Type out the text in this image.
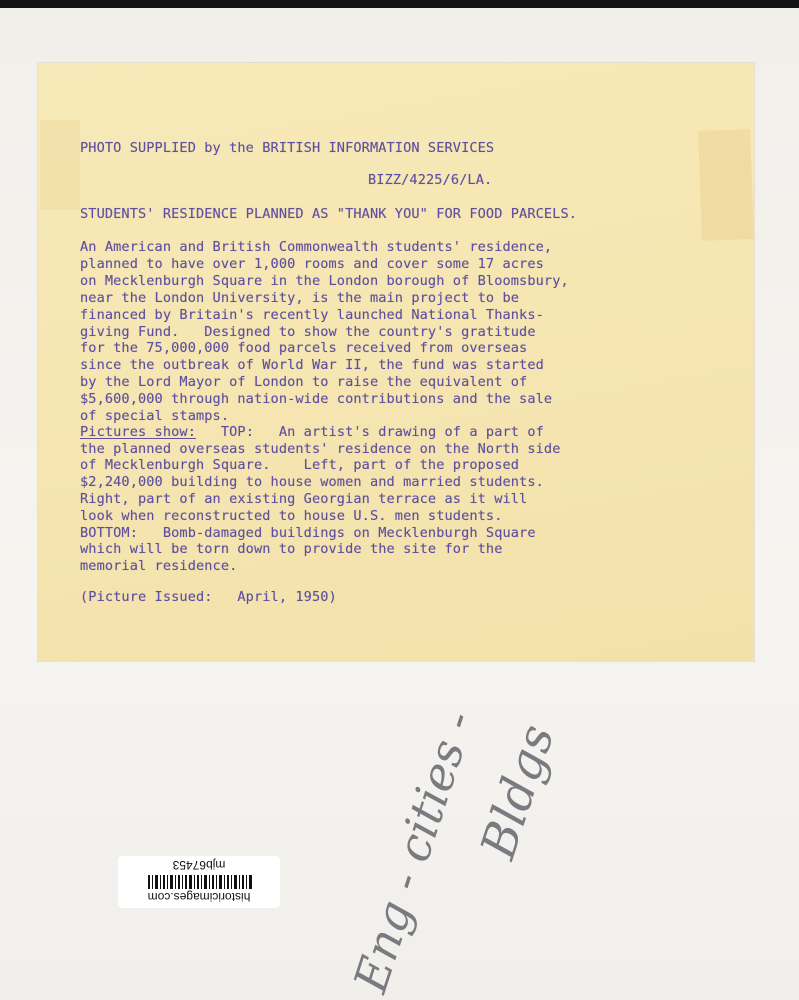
PHOTO SUPPLIED by the BRITISH INFORMATION SERVICES
BIZZ/4225/6/LA.
STUDENTS' RESIDENCE PLANNED AS "THANK YOU" FOR FOOD PARCELS.
An American and British Commonwealth students' residence,
planned to have over 1,000 rooms and cover some 17 acres
on Mecklenburgh Square in the London borough of Bloomsbury,
near the London University, is the main project to be
financed by Britain's recently launched National Thanks-
giving Fund.   Designed to show the country's gratitude
for the 75,000,000 food parcels received from overseas
since the outbreak of World War II, the fund was started
by the Lord Mayor of London to raise the equivalent of
$5,600,000 through nation-wide contributions and the sale
of special stamps.
Pictures show:   TOP:   An artist's drawing of a part of
the planned overseas students' residence on the North side
of Mecklenburgh Square.    Left, part of the proposed
$2,240,000 building to house women and married students.
Right, part of an existing Georgian terrace as it will
look when reconstructed to house U.S. men students.
BOTTOM:   Bomb-damaged buildings on Mecklenburgh Square
which will be torn down to provide the site for the
memorial residence.
(Picture Issued:   April, 1950)
Eng - cities -
Bldgs
mjb67453
historicimages.com
